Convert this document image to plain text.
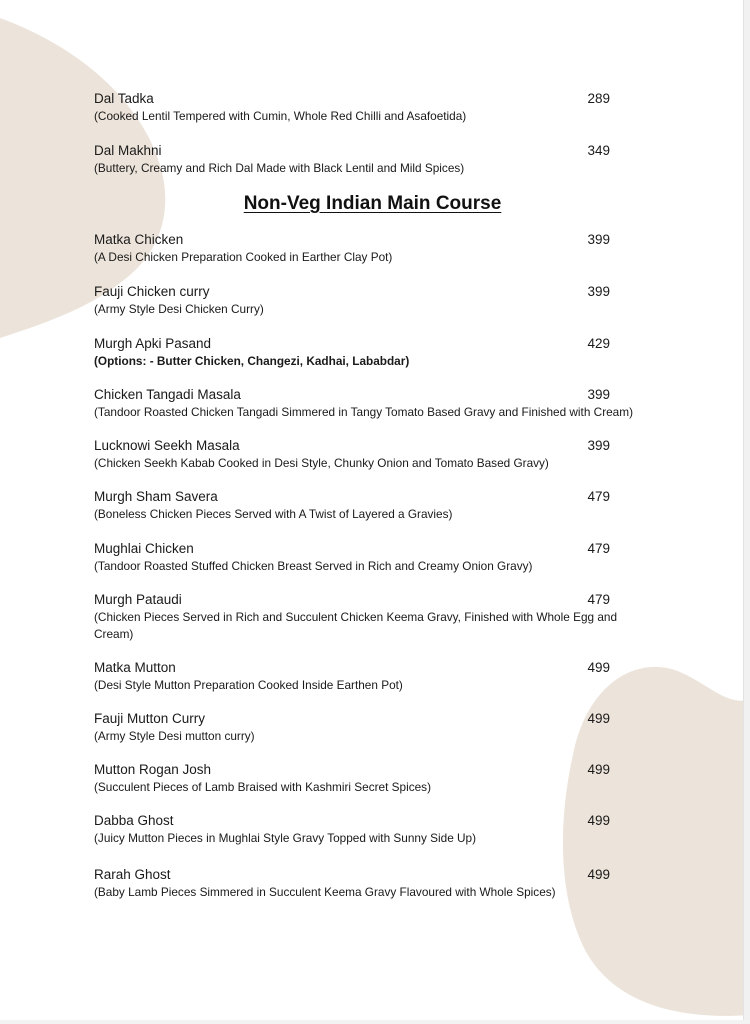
Dal Tadka	289
(Cooked Lentil Tempered with Cumin, Whole Red Chilli and Asafoetida)
Dal Makhni	349
(Buttery, Creamy and Rich Dal Made with Black Lentil and Mild Spices)
Non-Veg Indian Main Course
Matka Chicken	399
(A Desi Chicken Preparation Cooked in Earther Clay Pot)
Fauji Chicken curry	399
(Army Style Desi Chicken Curry)
Murgh Apki Pasand	429
(Options: - Butter Chicken, Changezi, Kadhai, Lababdar)
Chicken Tangadi Masala	399
(Tandoor Roasted Chicken Tangadi Simmered in Tangy Tomato Based Gravy and Finished with Cream)
Lucknowi Seekh Masala	399
(Chicken Seekh Kabab Cooked in Desi Style, Chunky Onion and Tomato Based Gravy)
Murgh Sham Savera	479
(Boneless Chicken Pieces Served with A Twist of Layered a Gravies)
Mughlai Chicken	479
(Tandoor Roasted Stuffed Chicken Breast Served in Rich and Creamy Onion Gravy)
Murgh Pataudi	479
(Chicken Pieces Served in Rich and Succulent Chicken Keema Gravy, Finished with Whole Egg and Cream)
Matka Mutton	499
(Desi Style Mutton Preparation Cooked Inside Earthen Pot)
Fauji Mutton Curry	499
(Army Style Desi mutton curry)
Mutton Rogan Josh	499
(Succulent Pieces of Lamb Braised with Kashmiri Secret Spices)
Dabba Ghost	499
(Juicy Mutton Pieces in Mughlai Style Gravy Topped with Sunny Side Up)
Rarah Ghost	499
(Baby Lamb Pieces Simmered in Succulent Keema Gravy Flavoured with Whole Spices)
